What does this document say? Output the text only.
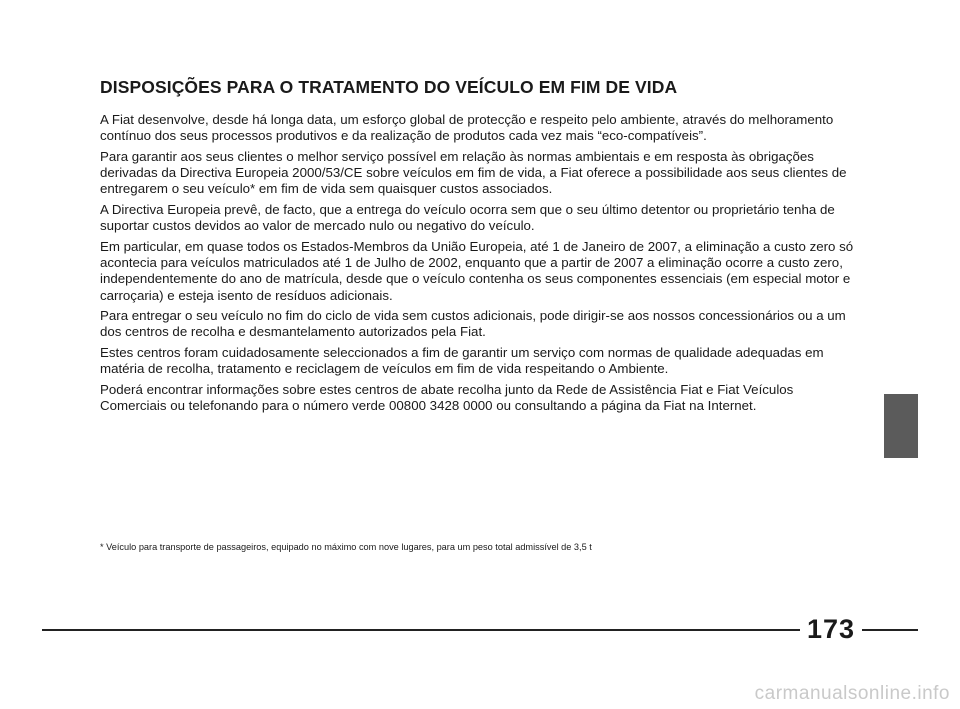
DISPOSIÇÕES PARA O TRATAMENTO DO VEÍCULO EM FIM DE VIDA

A Fiat desenvolve, desde há longa data, um esforço global de protecção e respeito pelo ambiente, através do melhoramento contínuo dos seus processos produtivos e da realização de produtos cada vez mais “eco-compatíveis”.

Para garantir aos seus clientes o melhor serviço possível em relação às normas ambientais e em resposta às obrigações derivadas da Directiva Europeia 2000/53/CE sobre veículos em fim de vida, a Fiat oferece a possibilidade aos seus clientes de entregarem o seu veículo* em fim de vida sem quaisquer custos associados.

A Directiva Europeia prevê, de facto, que a entrega do veículo ocorra sem que o seu último detentor ou proprietário tenha de suportar custos devidos ao valor de mercado nulo ou negativo do veículo.

Em particular, em quase todos os Estados-Membros da União Europeia, até 1 de Janeiro de 2007, a eliminação a custo zero só acontecia para veículos matriculados até 1 de Julho de 2002, enquanto que a partir de 2007 a eliminação ocorre a custo zero, independentemente do ano de matrícula, desde que o veículo contenha os seus componentes essenciais (em especial motor e carroçaria) e esteja isento de resíduos adicionais.

Para entregar o seu veículo no fim do ciclo de vida sem custos adicionais, pode dirigir-se aos nossos concessionários ou a um dos centros de recolha e desmantelamento autorizados pela Fiat.

Estes centros foram cuidadosamente seleccionados a fim de garantir um serviço com normas de qualidade adequadas em matéria de recolha, tratamento e reciclagem de veículos em fim de vida respeitando o Ambiente.

Poderá encontrar informações sobre estes centros de abate recolha junto da Rede de Assistência Fiat e Fiat Veículos Comerciais ou telefonando para o número verde 00800 3428 0000 ou consultando a página da Fiat na Internet.

* Veículo para transporte de passageiros, equipado no máximo com nove lugares, para um peso total admissível de 3,5 t

173
carmanualsonline.info
